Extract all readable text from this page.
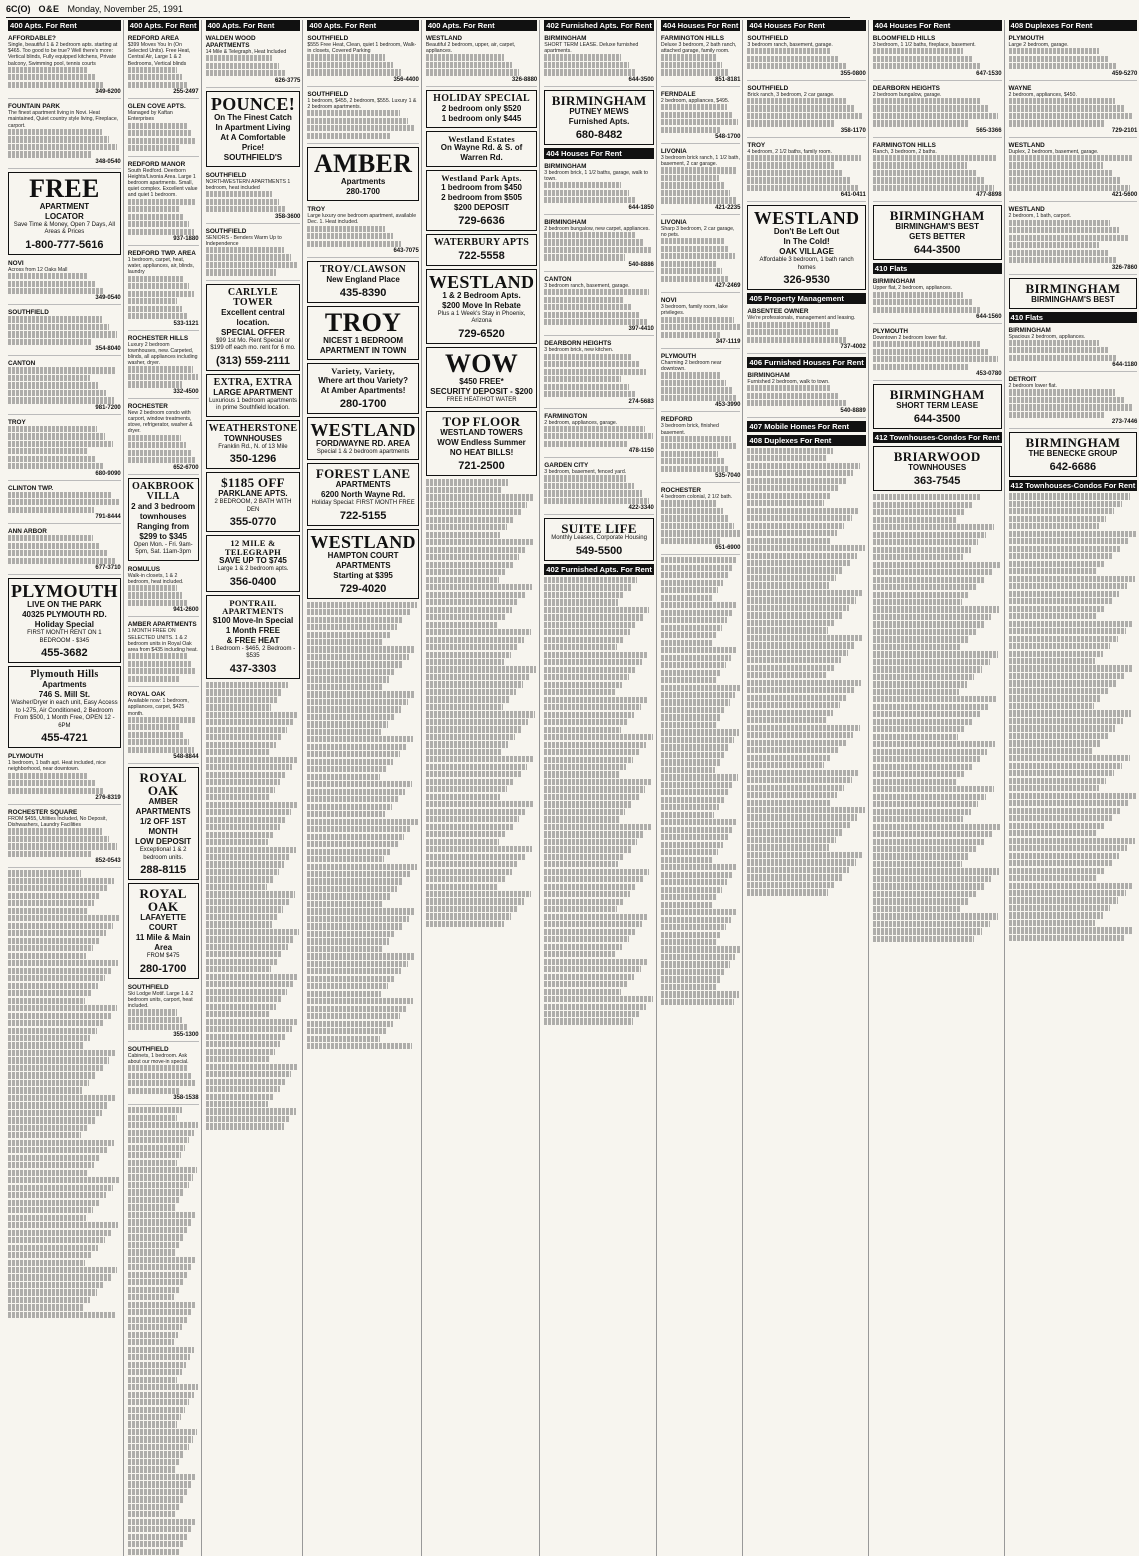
6C(O) O&E Monday, November 25, 1991
400 Apts. For Rent
AFFORDABLE?
Single, beautiful 1 & 2 bedroom apts. starting at $465. Too good to be true? Well there's more: Vertical blinds, Fully equipped kitchens, Private balcony, Swimming pool, tennis courts
349-6200
FOUNTAIN PARK
The finest apartment living in Novi. Heat maintained, Quiet country style living, Fireplace, carport.
348-0540
FREE
APARTMENT
LOCATOR
Save Time & Money, Open 7 Days, All Areas & Prices
1-800-777-5616
NOVI
Across from 12 Oaks Mall
349-0540
SOUTHFIELD
354-8040
CANTON
981-7200
TROY
680-9090
CLINTON TWP.
791-8444
ANN ARBOR
677-3710
PLYMOUTH
LIVE ON THE PARK
40325 PLYMOUTH RD.
Holiday Special
FIRST MONTH RENT ON 1 BEDROOM - $345
455-3682
Plymouth Hills
Apartments
746 S. Mill St.
Washer/Dryer in each unit, Easy Access to I-275, Air Conditioned, 2 Bedroom From $500, 1 Month Free, OPEN 12 - 6PM
455-4721
PLYMOUTH
1 bedroom, 1 bath apt. Heat included, nice neighborhood, near downtown.
276-8319
ROCHESTER SQUARE
FROM $455, Utilities Included, No Deposit, Dishwashers, Laundry Facilities
852-0543
400 Apts. For Rent
REDFORD AREA
$399 Moves You In (On Selected Units). Free Heat, Central Air, Large 1 & 2 Bedrooms, Vertical blinds
255-2497
GLEN COVE APTS.
Managed by Kaftan Enterprises
REDFORD MANOR
South Redford. Deerborn Heights/Livonia Area. Large 1 bedroom apartments. Small, quiet complex. Excellent value and quiet 1 bedroom.
937-1880
REDFORD TWP. AREA
1 bedroom, carpet, heat, water, appliances, air, blinds, laundry
533-1121
ROCHESTER HILLS
Luxury 2 bedroom townhouses, new. Carpeted, blinds, all appliances including washer, dryer.
332-4500
ROCHESTER
New 2 bedroom condo with carport, window treatments, stove, refrigerator, washer & dryer.
652-6700
OAKBROOK VILLA
2 and 3 bedroom townhouses
Ranging from $299 to $345
Open Mon. - Fri. 9am-5pm, Sat. 11am-3pm
ROMULUS
Walk-in closets, 1 & 2 bedroom, heat included.
941-2600
AMBER APARTMENTS
1 MONTH FREE ON SELECTED UNITS. 1 & 2 bedroom units in Royal Oak area from $435 including heat.
ROYAL OAK
Available now: 1 bedroom, appliances, carpet, $425 month.
548-8844
ROYAL OAK
AMBER APARTMENTS
1/2 OFF 1ST MONTH
LOW DEPOSIT
Exceptional 1 & 2 bedroom units.
288-8115
ROYAL OAK
LAFAYETTE COURT
11 Mile & Main Area
FROM $475
280-1700
SOUTHFIELD
Ski Lodge Motif. Large 1 & 2 bedroom units, carport, heat included.
355-1300
SOUTHFIELD
Cabinets, 1 bedroom. Ask about our move-in special.
358-1538
400 Apts. For Rent
WALDEN WOOD APARTMENTS
14 Mile & Telegraph, Heat Included
626-3775
POUNCE!
On The Finest Catch
In Apartment Living
At A Comfortable Price!
SOUTHFIELD'S
SOUTHFIELD
NORTHWESTERN APARTMENTS 1 bedroom, heat included
358-3600
SOUTHFIELD
SENIORS - Benders Warm Up to Independence
CARLYLE TOWER
Excellent central location.
SPECIAL OFFER
$99 1st Mo. Rent Special or $199 off each mo. rent for 6 mo.
(313) 559-2111
EXTRA, EXTRA
LARGE APARTMENT
Luxurious 1 bedroom apartments in prime Southfield location.
WEATHERSTONE
TOWNHOUSES
Franklin Rd., N. of 13 Mile
350-1296
$1185 OFF
PARKLANE APTS.
2 BEDROOM, 2 BATH WITH DEN
355-0770
12 MILE & TELEGRAPH
SAVE UP TO $745
Large 1 & 2 bedroom apts.
356-0400
PONTRAIL APARTMENTS
$100 Move-In Special
1 Month FREE
& FREE HEAT
1 Bedroom - $465, 2 Bedroom - $535
437-3303
400 Apts. For Rent
SOUTHFIELD
$555 Free Heat, Clean, quiet 1 bedroom, Walk-in closets, Covered Parking
356-4400
SOUTHFIELD
1 bedroom, $455, 2 bedroom, $555. Luxury 1 & 2 bedroom apartments.
AMBER
Apartments
280-1700
TROY
Large luxury one bedroom apartment, available Dec. 1. Heat included.
643-7075
TROY/CLAWSON
New England Place
435-8390
TROY
NICEST 1 BEDROOM
APARTMENT IN TOWN
Variety, Variety,
Where art thou Variety?
At Amber Apartments!
280-1700
WESTLAND
FORD/WAYNE RD. AREA
Special 1 & 2 bedroom apartments
FOREST LANE
APARTMENTS
6200 North Wayne Rd.
Holiday Special: FIRST MONTH FREE
722-5155
WESTLAND
HAMPTON COURT
APARTMENTS
Starting at $395
729-4020
400 Apts. For Rent
WESTLAND
Beautiful 2 bedroom, upper, air, carpet, appliances.
326-8880
HOLIDAY SPECIAL
2 bedroom only $520
1 bedroom only $445
Westland Estates
On Wayne Rd. & S. of Warren Rd.
Westland Park Apts.
1 bedroom from $450
2 bedroom from $505
$200 DEPOSIT
729-6636
WATERBURY APTS
722-5558
WESTLAND
1 & 2 Bedroom Apts.
$200 Move In Rebate
Plus a 1 Week's Stay in Phoenix, Arizona
729-6520
WOW
$450 FREE*
SECURITY DEPOSIT - $200
FREE HEAT/HOT WATER
TOP FLOOR
WESTLAND TOWERS
WOW Endless Summer
NO HEAT BILLS!
721-2500
402 Furnished Apts. For Rent
BIRMINGHAM
SHORT TERM LEASE. Deluxe furnished apartments.
644-3500
BIRMINGHAM
PUTNEY MEWS
Furnished Apts.
680-8482
404 Houses For Rent
BIRMINGHAM
3 bedroom brick, 1 1/2 baths, garage, walk to town.
644-1850
BIRMINGHAM
2 bedroom bungalow, new carpet, appliances.
540-8886
CANTON
3 bedroom ranch, basement, garage.
397-4410
DEARBORN HEIGHTS
3 bedroom brick, new kitchen.
274-5683
FARMINGTON
2 bedroom, appliances, garage.
478-1150
GARDEN CITY
3 bedroom, basement, fenced yard.
422-3340
SUITE LIFE
Monthly Leases, Corporate Housing
549-5500
402 Furnished Apts. For Rent
404 Houses For Rent
FARMINGTON HILLS
Deluxe 3 bedroom, 2 bath ranch, attached garage, family room.
851-8181
FERNDALE
2 bedroom, appliances, $495.
548-1700
LIVONIA
3 bedroom brick ranch, 1 1/2 bath, basement, 2 car garage.
421-2235
LIVONIA
Sharp 3 bedroom, 2 car garage, no pets.
427-2469
NOVI
3 bedroom, family room, lake privileges.
347-1119
PLYMOUTH
Charming 2 bedroom near downtown.
453-3990
REDFORD
3 bedroom brick, finished basement.
535-7040
ROCHESTER
4 bedroom colonial, 2 1/2 bath.
651-6900
404 Houses For Rent
SOUTHFIELD
3 bedroom ranch, basement, garage.
355-0800
SOUTHFIELD
Brick ranch, 3 bedroom, 2 car garage.
358-1170
TROY
4 bedroom, 2 1/2 baths, family room.
641-0411
WESTLAND
Don't Be Left Out
In The Cold!
OAK VILLAGE
Affordable 3 bedroom, 1 bath ranch homes
326-9530
405 Property Management
ABSENTEE OWNER
We're professionals, management and leasing.
737-4002
406 Furnished Houses For Rent
BIRMINGHAM
Furnished 2 bedroom, walk to town.
540-8889
407 Mobile Homes For Rent
408 Duplexes For Rent
404 Houses For Rent
BLOOMFIELD HILLS
3 bedroom, 1 1/2 baths, fireplace, basement.
647-1530
DEARBORN HEIGHTS
2 bedroom bungalow, garage.
565-3366
FARMINGTON HILLS
Ranch, 3 bedroom, 2 baths.
477-8898
BIRMINGHAM
BIRMINGHAM'S BEST
GETS BETTER
644-3500
410 Flats
BIRMINGHAM
Upper flat, 2 bedroom, appliances.
644-1560
PLYMOUTH
Downtown 2 bedroom lower flat.
453-0780
BIRMINGHAM
SHORT TERM LEASE
644-3500
412 Townhouses-Condos For Rent
BRIARWOOD
TOWNHOUSES
363-7545
408 Duplexes For Rent
PLYMOUTH
Large 2 bedroom, garage.
459-5270
WAYNE
2 bedroom, appliances, $450.
729-2101
WESTLAND
Duplex, 2 bedroom, basement, garage.
421-5600
WESTLAND
2 bedroom, 1 bath, carport.
326-7860
BIRMINGHAM
BIRMINGHAM'S BEST
410 Flats
BIRMINGHAM
Spacious 2 bedroom, appliances.
644-1180
DETROIT
2 bedroom lower flat.
273-7446
BIRMINGHAM
THE BENECKE GROUP
642-6686
412 Townhouses-Condos For Rent
